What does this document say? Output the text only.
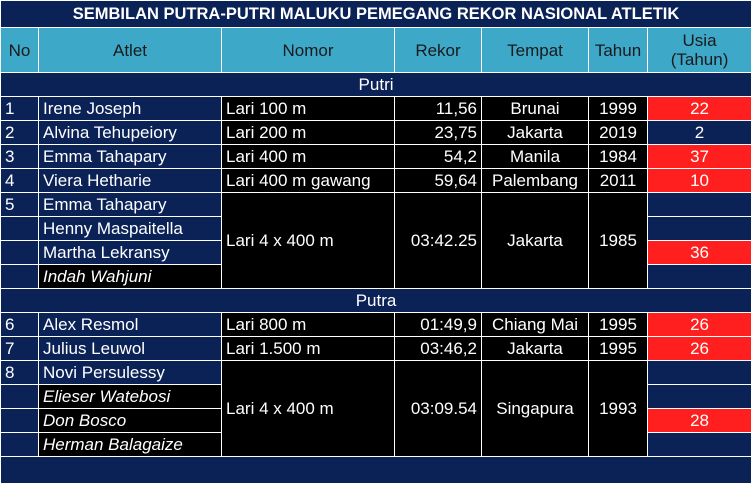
SEMBILAN PUTRA-PUTRI MALUKU PEMEGANG REKOR NASIONAL ATLETIK						
No	Atlet	Nomor	Rekor	Tempat	Tahun	Usia (Tahun)
Putri						
1	Irene Joseph	Lari 100 m	11,56	Brunai	1999	22
2	Alvina Tehupeiory	Lari 200 m	23,75	Jakarta	2019	2
3	Emma Tahapary	Lari 400 m	54,2	Manila	1984	37
4	Viera Hetharie	Lari 400 m gawang	59,64	Palembang	2011	10
5	Emma Tahapary	Lari 4 x 400 m	03:42.25	Jakarta	1985	
	Henny Maspaitella					
	Martha Lekransy					36
	Indah Wahjuni					
Putra						
6	Alex Resmol	Lari 800 m	01:49,9	Chiang Mai	1995	26
7	Julius Leuwol	Lari 1.500 m	03:46,2	Jakarta	1995	26
8	Novi Persulessy	Lari 4 x 400 m	03:09.54	Singapura	1993	
	Elieser Watebosi					
	Don Bosco					28
	Herman Balagaize					
